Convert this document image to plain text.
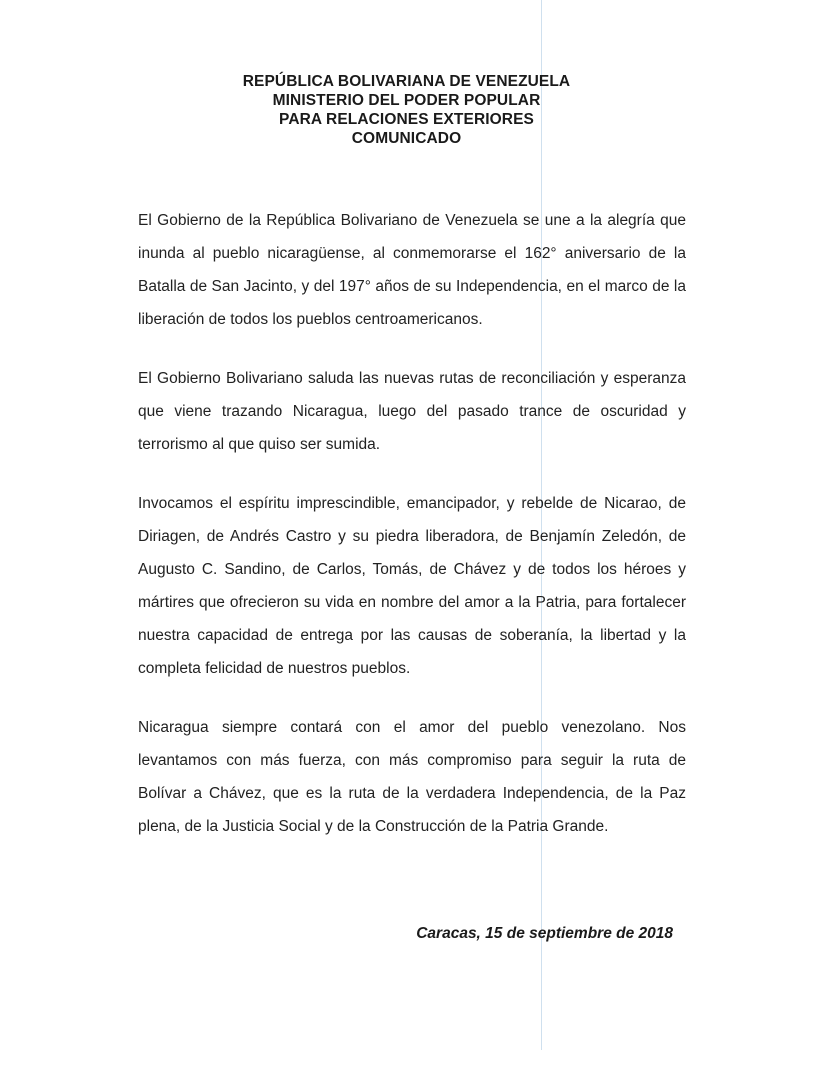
REPÚBLICA BOLIVARIANA DE VENEZUELA
MINISTERIO DEL PODER POPULAR
PARA RELACIONES EXTERIORES
COMUNICADO

El Gobierno de la República Bolivariano de Venezuela se une a la alegría que inunda al pueblo nicaragüense, al conmemorarse el 162° aniversario de la Batalla de San Jacinto, y del 197° años de su Independencia, en el marco de la liberación de todos los pueblos centroamericanos.

El Gobierno Bolivariano saluda las nuevas rutas de reconciliación y esperanza que viene trazando Nicaragua, luego del pasado trance de oscuridad y terrorismo al que quiso ser sumida.

Invocamos el espíritu imprescindible, emancipador, y rebelde de Nicarao, de Diriagen, de Andrés Castro y su piedra liberadora, de Benjamín Zeledón, de Augusto C. Sandino, de Carlos, Tomás, de Chávez y de todos los héroes y mártires que ofrecieron su vida en nombre del amor a la Patria, para fortalecer nuestra capacidad de entrega por las causas de soberanía, la libertad y la completa felicidad de nuestros pueblos.

Nicaragua siempre contará con el amor del pueblo venezolano. Nos levantamos con más fuerza, con más compromiso para seguir la ruta de Bolívar a Chávez, que es la ruta de la verdadera Independencia, de la Paz plena, de la Justicia Social y de la Construcción de la Patria Grande.

Caracas, 15 de septiembre de 2018
